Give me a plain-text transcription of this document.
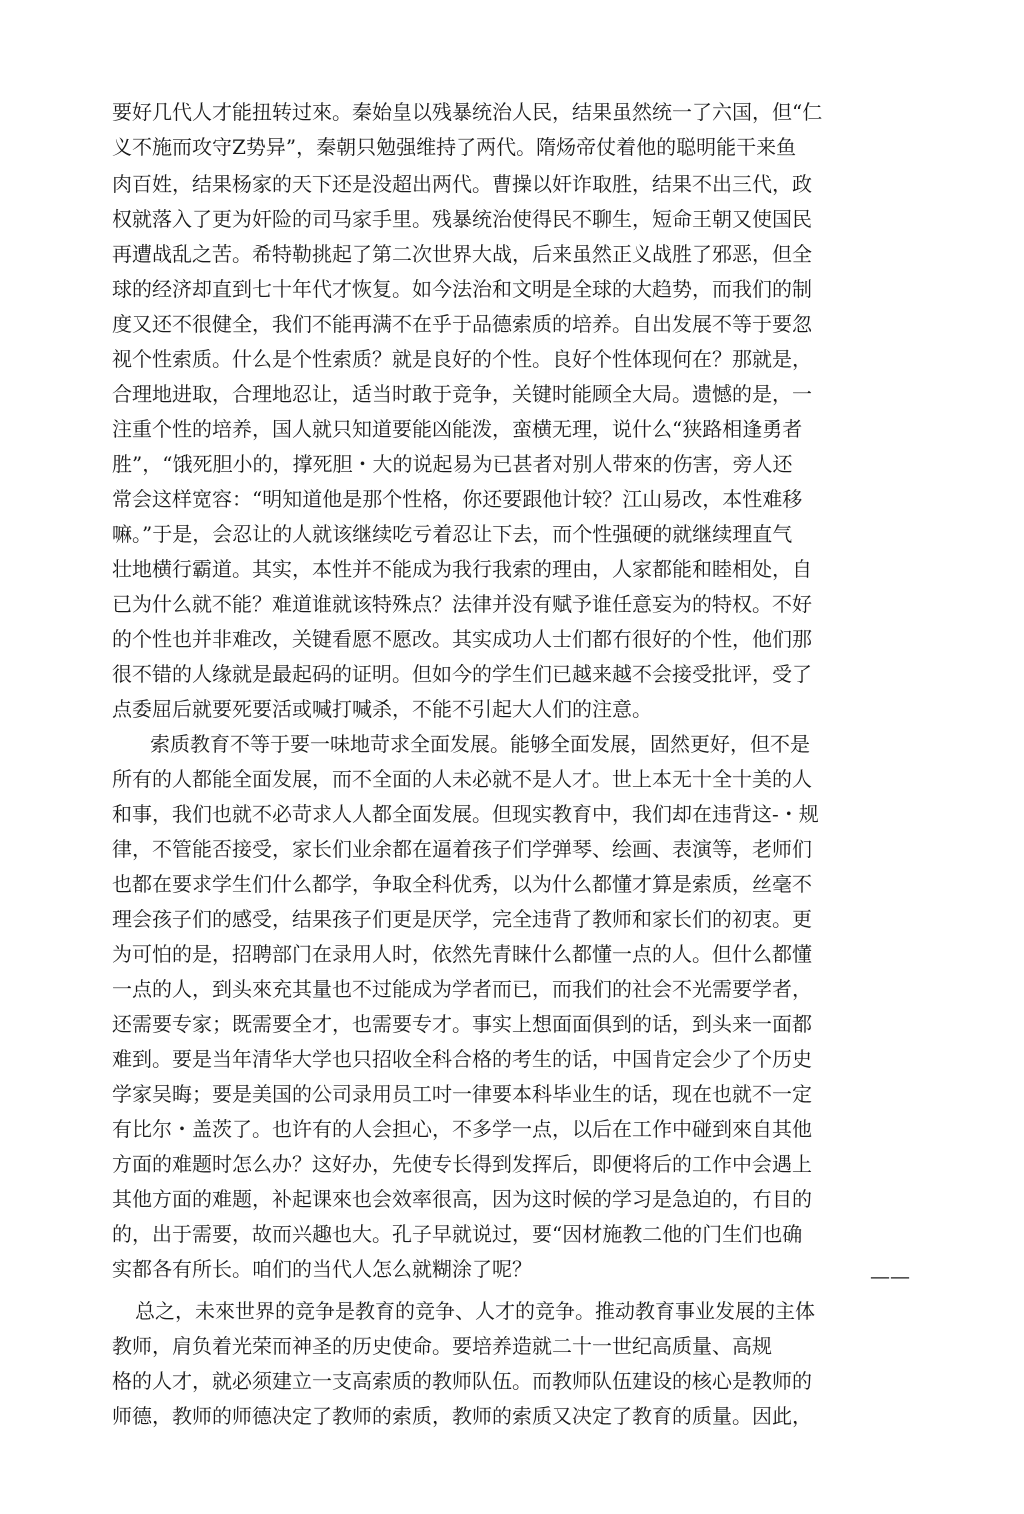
要好几代人才能扭转过來。秦始皇以残暴统治人民，结果虽然统一了六国，但“仁
义不施而攻守Z势异”，秦朝只勉强维持了两代。隋炀帝仗着他的聪明能干来鱼
肉百姓，结果杨家的天下还是没超出两代。曹操以奸诈取胜，结果不出三代，政
权就落入了更为奸险的司马家手里。残暴统治使得民不聊生，短命王朝又使国民
再遭战乱之苦。希特勒挑起了第二次世界大战，后来虽然正义战胜了邪恶，但全
球的经济却直到七十年代才恢复。如今法治和文明是全球的大趋势，而我们的制
度又还不很健全，我们不能再满不在乎于品德索质的培养。自出发展不等于要忽
视个性索质。什么是个性索质？就是良好的个性。良好个性体现何在？那就是，
合理地进取，合理地忍让，适当时敢于竞争，关键时能顾全大局。遗憾的是，一
注重个性的培养，国人就只知道要能凶能泼，蛮横无理，说什么“狭路相逢勇者
胜”，“饿死胆小的，撑死胆・大的说起易为已甚者对别人带來的伤害，旁人还
常会这样宽容：“明知道他是那个性格，你还要跟他计较？江山易改，本性难移
嘛。”于是，会忍让的人就该继续吃亏着忍让下去，而个性强硬的就继续理直气
壮地横行霸道。其实，本性并不能成为我行我索的理由，人家都能和睦相处，自
已为什么就不能？难道谁就该特殊点？法律并没有赋予谁任意妄为的特权。不好
的个性也并非难改，关键看愿不愿改。其实成功人士们都冇很好的个性，他们那
很不错的人缘就是最起码的证明。但如今的学生们已越来越不会接受批评，受了
点委屈后就要死要活或喊打喊杀，不能不引起大人们的注意。
　索质教育不等于要一味地苛求全面发展。能够全面发展，固然更好，但不是
所有的人都能全面发展，而不全面的人未必就不是人才。世上本无十全十美的人
和事，我们也就不必苛求人人都全面发展。但现实教育中，我们却在违背这-・规
律，不管能否接受，家长们业余都在逼着孩子们学弹琴、绘画、表演等，老师们
也都在要求学生们什么都学，争取全科优秀，以为什么都懂才算是索质，丝毫不
理会孩子们的感受，结果孩子们更是厌学，完全违背了教师和家长们的初衷。更
为可怕的是，招聘部门在录用人时，依然先青睐什么都懂一点的人。但什么都懂
一点的人，到头來充其量也不过能成为学者而已，而我们的社会不光需要学者，
还需要专家；既需要全才，也需要专才。事实上想面面俱到的话，到头来一面都
难到。要是当年清华大学也只招收全科合格的考生的话，中国肯定会少了个历史
学家吴晦；要是美国的公司录用员工吋一律要本科毕业生的话，现在也就不一定
有比尔・盖茨了。也许有的人会担心，不多学一点，以后在工作中碰到來自其他
方面的难题时怎么办？这好办，先使专长得到发挥后，即便将后的工作中会遇上
其他方面的难题，补起课來也会效率很高，因为这时候的学习是急迫的，冇目的
的，出于需要，故而兴趣也大。孔子早就说过，要“因材施教二他的门生们也确
实都各有所长。咱们的当代人怎么就糊涂了呢？
　总之，未來世界的竞争是教育的竞争、人才的竞争。推动教育事业发展的主体
教师，肩负着光荣而神圣的历史使命。要培养造就二十一世纪高质量、高规
格的人才，就必须建立一支高索质的教师队伍。而教师队伍建设的核心是教师的
师德，教师的师德决定了教师的索质，教师的索质又决定了教育的质量。因此，
——
